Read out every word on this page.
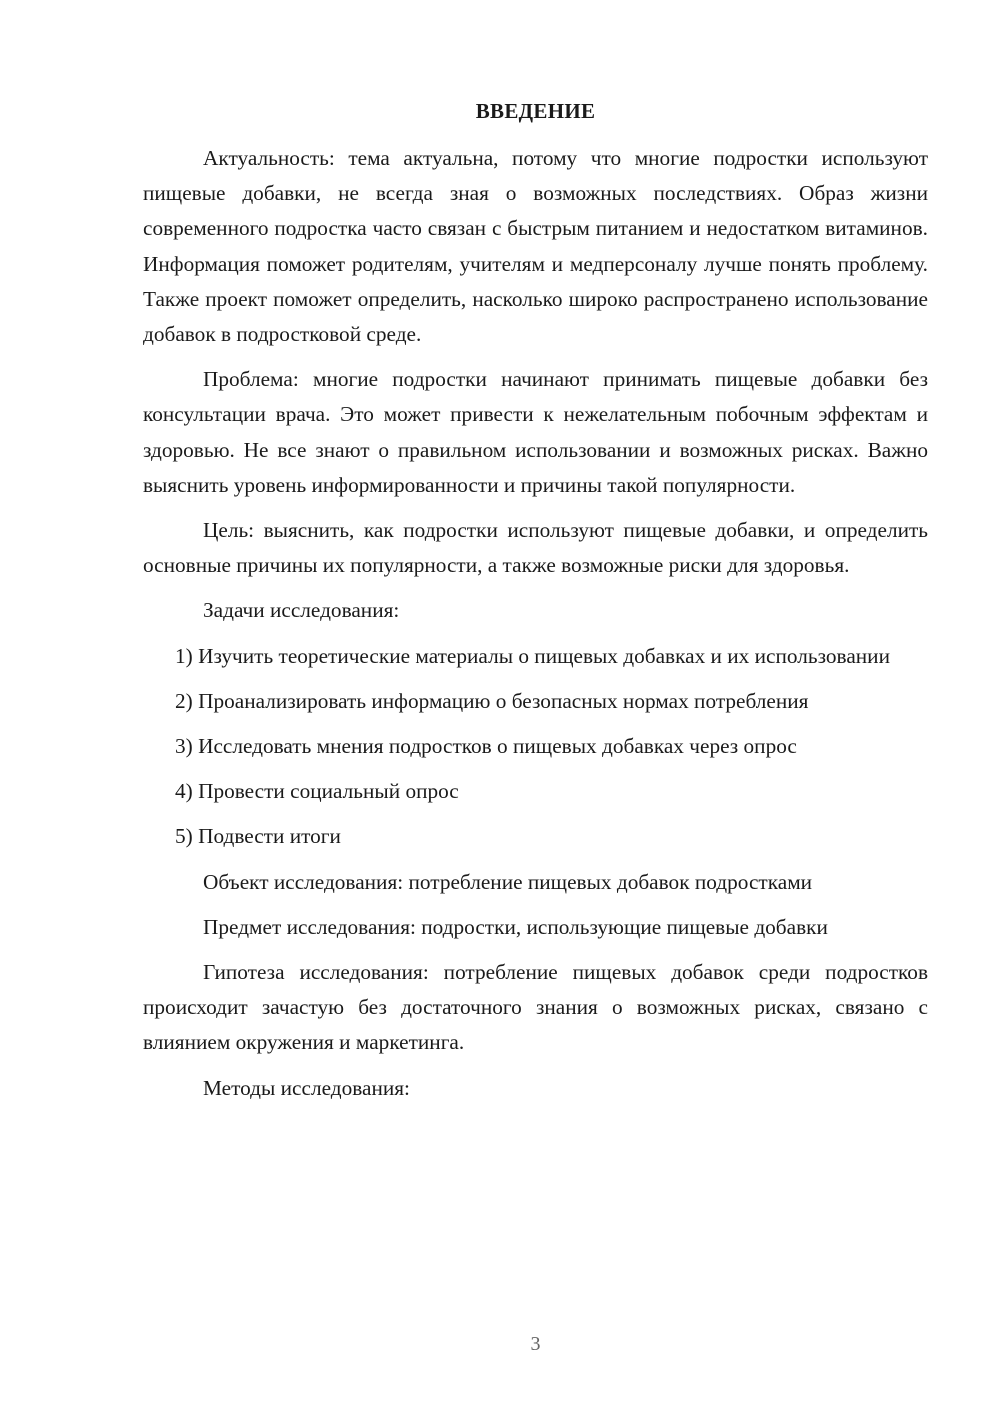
ВВЕДЕНИЕ

Актуальность: тема актуальна, потому что многие подростки используют пищевые добавки, не всегда зная о возможных последствиях. Образ жизни современного подростка часто связан с быстрым питанием и недостатком витаминов. Информация поможет родителям, учителям и медперсоналу лучше понять проблему. Также проект поможет определить, насколько широко распространено использование добавок в подростковой среде.

Проблема: многие подростки начинают принимать пищевые добавки без консультации врача. Это может привести к нежелательным побочным эффектам и здоровью. Не все знают о правильном использовании и возможных рисках. Важно выяснить уровень информированности и причины такой популярности.

Цель: выяснить, как подростки используют пищевые добавки, и определить основные причины их популярности, а также возможные риски для здоровья.

Задачи исследования:

1) Изучить теоретические материалы о пищевых добавках и их использовании

2) Проанализировать информацию о безопасных нормах потребления

3) Исследовать мнения подростков о пищевых добавках через опрос

4) Провести социальный опрос

5) Подвести итоги

Объект исследования: потребление пищевых добавок подростками

Предмет исследования: подростки, использующие пищевые добавки

Гипотеза исследования: потребление пищевых добавок среди подростков происходит зачастую без достаточного знания о возможных рисках, связано с влиянием окружения и маркетинга.

Методы исследования:

3
